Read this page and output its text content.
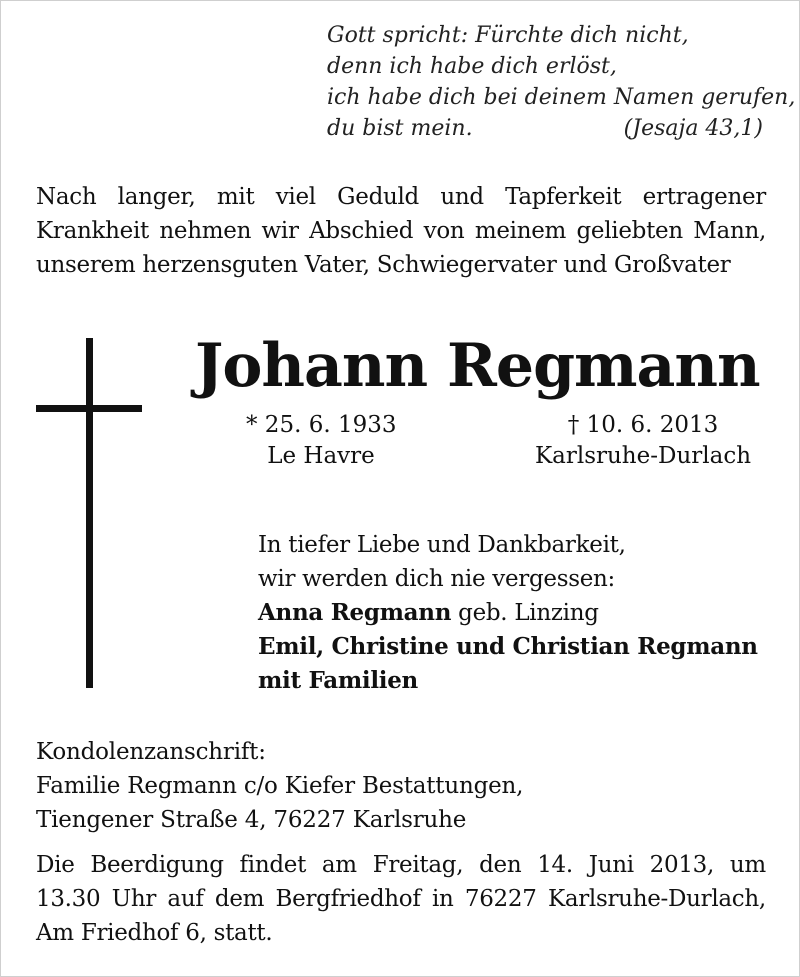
Gott spricht: Fürchte dich nicht,
denn ich habe dich erlöst,
ich habe dich bei deinem Namen gerufen,
du bist mein.	(Jesaja 43,1)
Nach langer, mit viel Geduld und Tapferkeit ertragener Krankheit nehmen wir Abschied von meinem geliebten Mann, unserem herzensguten Vater, Schwiegervater und Großvater
Johann Regmann
* 25. 6. 1933
Le Havre
† 10. 6. 2013
Karlsruhe-Durlach
In tiefer Liebe und Dankbarkeit,
wir werden dich nie vergessen:
Anna Regmann geb. Linzing
Emil, Christine und Christian Regmann
mit Familien
Kondolenzanschrift:
Familie Regmann c/o Kiefer Bestattungen,
Tiengener Straße 4, 76227 Karlsruhe
Die Beerdigung findet am Freitag, den 14. Juni 2013, um
13.30 Uhr auf dem Bergfriedhof in 76227 Karlsruhe-Durlach,
Am Friedhof 6, statt.
